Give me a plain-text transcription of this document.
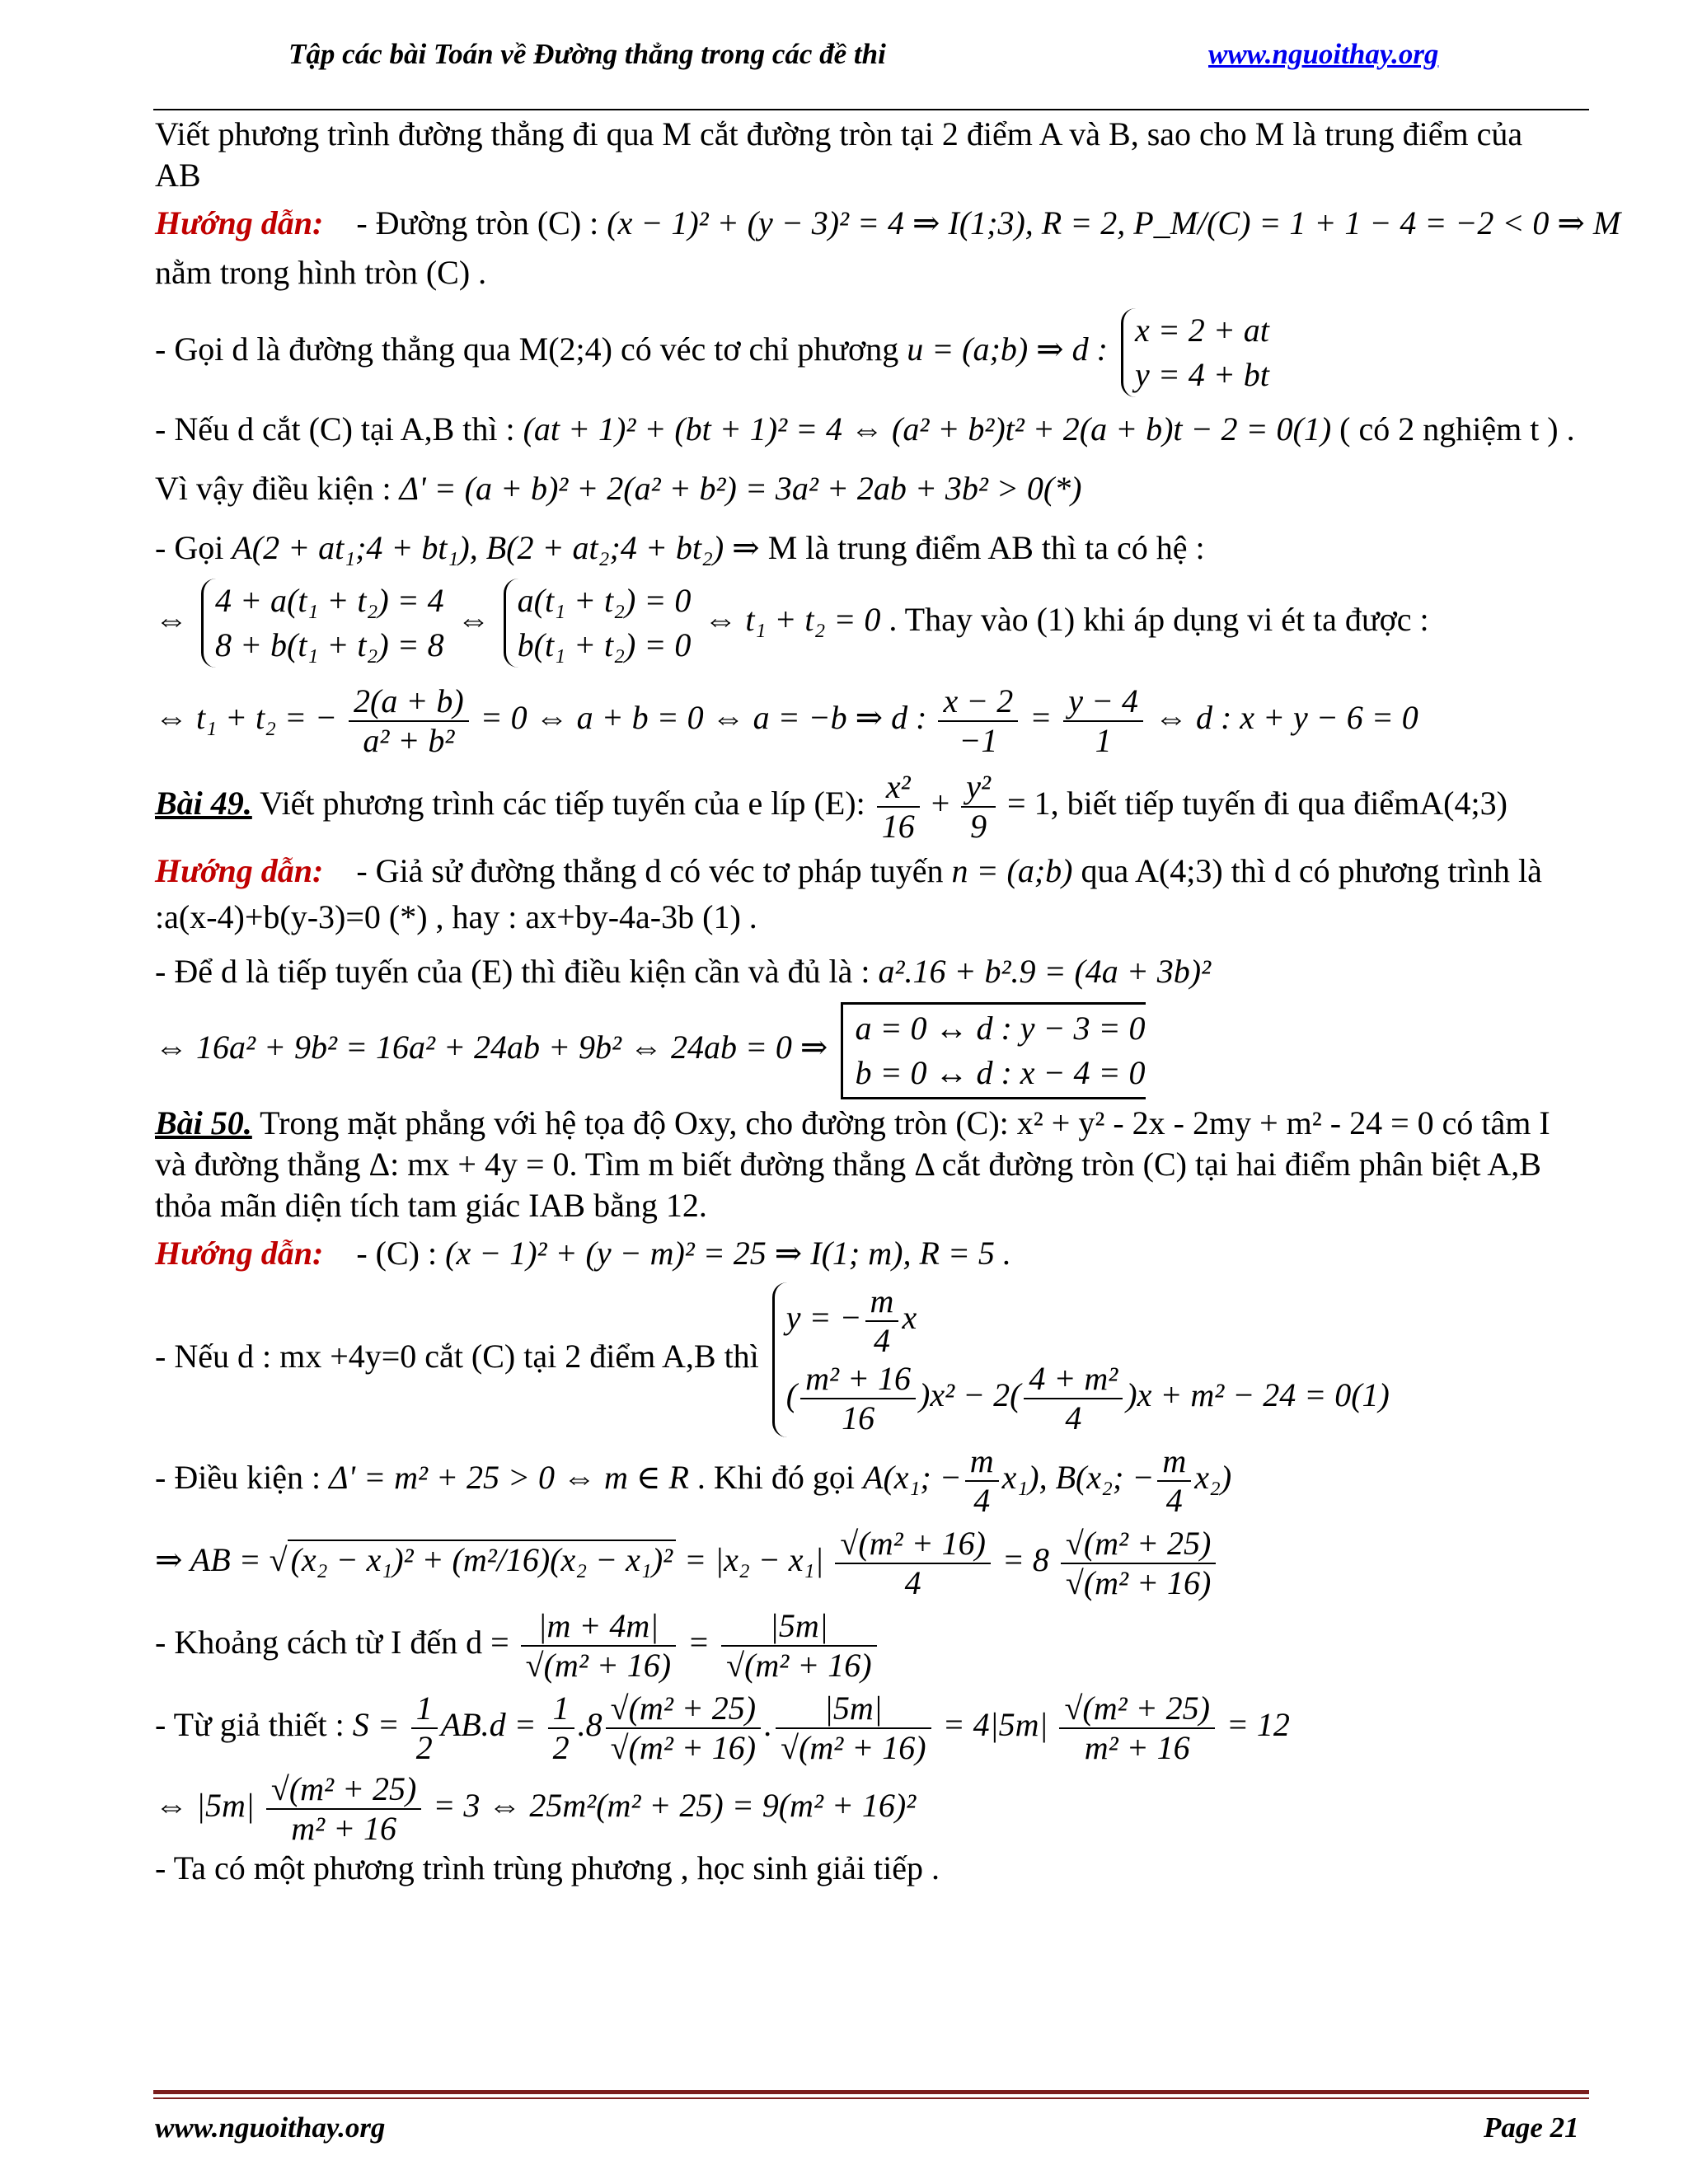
Tập các bài Toán về Đường thẳng trong các đề thi	www.nguoithay.org

Viết phương trình đường thẳng đi qua M cắt đường tròn tại 2 điểm A và B, sao cho M là trung điểm của

AB

Hướng dẫn: - Đường tròn (C) : (x − 1)² + (y − 3)² = 4 ⇒ I(1;3), R = 2, P_M/(C) = 1 + 1 − 4 = −2 < 0 ⇒ M

nằm trong hình tròn (C) .

- Gọi d là đường thẳng qua M(2;4) có véc tơ chỉ phương u = (a;b) ⇒ d :
x = 2 + at
y = 4 + bt

- Nếu d cắt (C) tại A,B thì : (at + 1)² + (bt + 1)² = 4 ⇔ (a² + b²)t² + 2(a + b)t − 2 = 0(1) ( có 2 nghiệm t ) .

Vì vậy điều kiện : Δ' = (a + b)² + 2(a² + b²) = 3a² + 2ab + 3b² > 0(*)

- Gọi A(2 + at₁;4 + bt₁), B(2 + at₂;4 + bt₂) ⇒ M là trung điểm AB thì ta có hệ :

⇔
4 + a(t₁ + t₂) = 4
8 + b(t₁ + t₂) = 8
⇔
a(t₁ + t₂) = 0
b(t₁ + t₂) = 0
⇔ t₁ + t₂ = 0 . Thay vào (1) khi áp dụng vi ét ta được :

⇔ t₁ + t₂ = − $\frac{2(a + b)}{\text{a² + b²}} = 0$ ⇔ a + b = 0 ⇔ a = −b ⇒ d : $\frac{x - 2}{-1} = \frac{y - 4}{1}$ ⇔ d : x + y − 6 = 0

Bài 49. Viết phương trình các tiếp tuyến của e líp (E): $\frac{\text{x²}}{16} + \frac{\text{y²}}{9} = 1$, biết tiếp tuyến đi qua điểmA(4;3)

Hướng dẫn: - Giả sử đường thẳng d có véc tơ pháp tuyến n = (a;b) qua A(4;3) thì d có phương trình là

:a(x-4)+b(y-3)=0 (*) , hay : ax+by-4a-3b (1) .

- Để d là tiếp tuyến của (E) thì điều kiện cần và đủ là : a².16 + b².9 = (4a + 3b)²

⇔ 16a² + 9b² = 16a² + 24ab + 9b² ⇔ 24ab = 0 ⇒
a = 0 ↔ d : y − 3 = 0
b = 0 ↔ d : x − 4 = 0

Bài 50. Trong mặt phẳng với hệ tọa độ Oxy, cho đường tròn (C): x² + y² - 2x - 2my + m² - 24 = 0 có tâm I

và đường thẳng Δ: mx + 4y = 0. Tìm m biết đường thẳng Δ cắt đường tròn (C) tại hai điểm phân biệt A,B

thỏa mãn diện tích tam giác IAB bằng 12.

Hướng dẫn: - (C) : (x − 1)² + (y − m)² = 25 ⇒ I(1; m), R = 5 .

- Nếu d : mx +4y=0 cắt (C) tại 2 điểm A,B thì
y = − $\frac{m}{4}$ x
( $\frac{\text{m² + 16}}{16} )x^2 - 2( \frac{\text{4 + m²}}{4} )x + m^2 - 24 = 0(1)$

- Điều kiện : Δ' = m² + 25 > 0 ⇔ m ∈ R . Khi đó gọi A(x₁; − $\frac{m}{4} x_1$), B(x₂; − $\frac{m}{4} x_2$)

⇒ AB = √ $(x_2 - x_1)^2 + (m^2/16)(x_2 - x_1)^2 = |x_2 - x_1| \frac{\text{√(m² + 16)}}{4} = 8 \frac{\text{√(m² + 25)}}{\text{√(m² + 16)}}$

- Khoảng cách từ I đến $d = \frac{|m + 4m|}{\text{√(m² + 16)}} = \frac{|5m|}{\text{√(m² + 16)}}$

- Từ giả thiết : $S = \frac{1}{2} AB.d = \frac{1}{2} .8 \frac{\text{√(m² + 25)}}{\text{√(m² + 16)}}$ . $\frac{|5m|}{\text{√(m² + 16)}} = 4|5m| \frac{\text{√(m² + 25)}}{\text{m² + 16}} = 12$

⇔ $|5m| \frac{\text{√(m² + 25)}}{\text{m² + 16}} = 3$ ⇔ 25m²(m² + 25) = 9(m² + 16)²

- Ta có một phương trình trùng phương , học sinh giải tiếp .

www.nguoithay.org	Page 21
